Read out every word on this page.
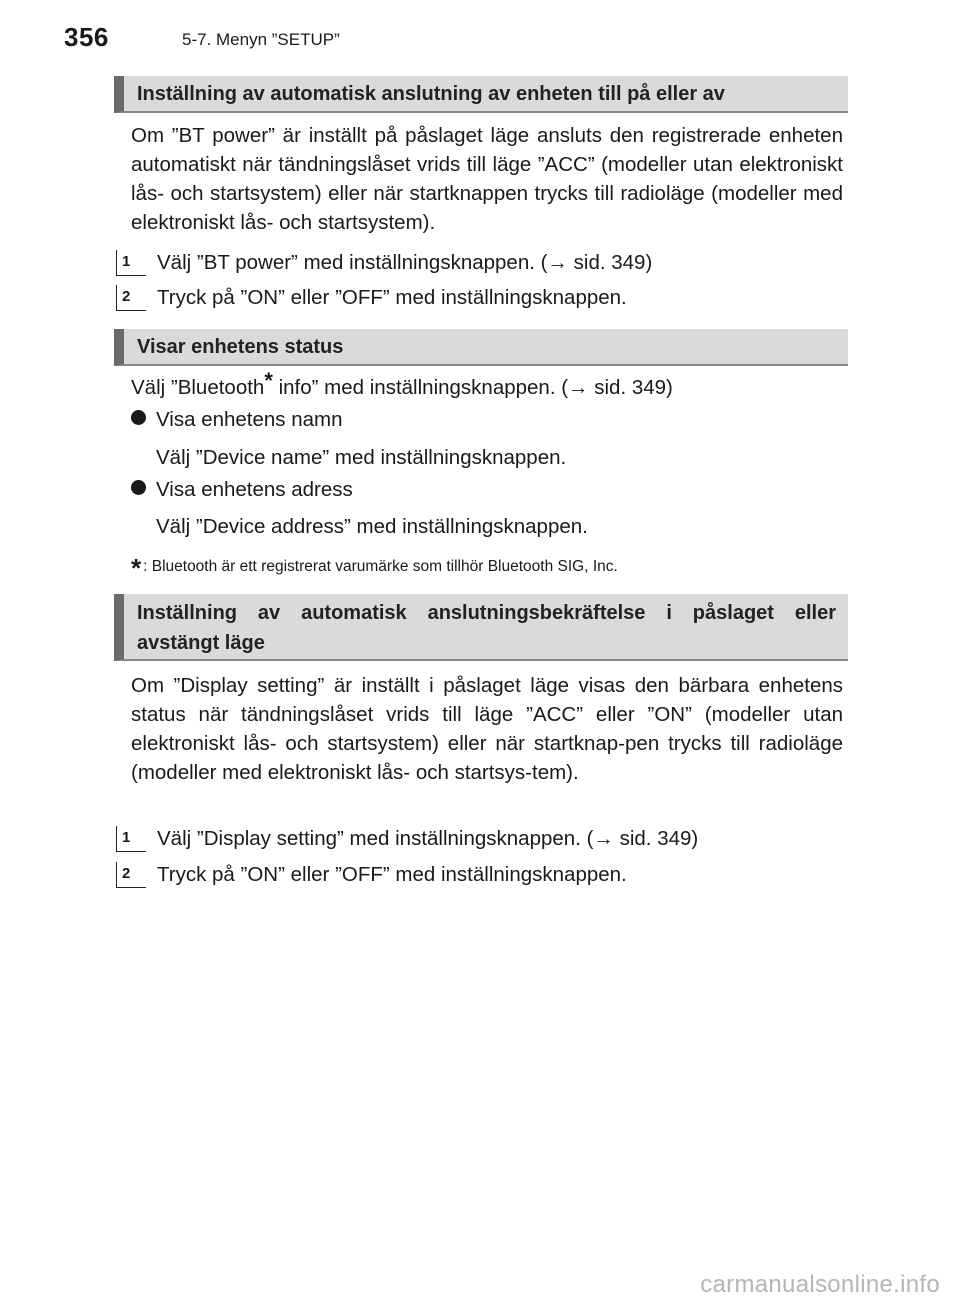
356	5-7. Menyn ”SETUP”
Inställning av automatisk anslutning av enheten till på eller av
Om ”BT power” är inställt på påslaget läge ansluts den registrerade enheten automatiskt när tändningslåset vrids till läge ”ACC” (modeller utan elektroniskt lås- och startsystem) eller när startknappen trycks till radioläge (modeller med elektroniskt lås- och startsystem).
1	Välj ”BT power” med inställningsknappen. (→ sid. 349)
2	Tryck på ”ON” eller ”OFF” med inställningsknappen.
Visar enhetens status
Välj ”Bluetooth* info” med inställningsknappen. (→ sid. 349)
Visa enhetens namn
Välj ”Device name” med inställningsknappen.
Visa enhetens adress
Välj ”Device address” med inställningsknappen.
* : Bluetooth är ett registrerat varumärke som tillhör Bluetooth SIG, Inc.
Inställning av automatisk anslutningsbekräftelse i påslaget eller
avstängt läge
Om ”Display setting” är inställt i påslaget läge visas den bärbara enhetens status när tändningslåset vrids till läge ”ACC” eller ”ON” (modeller utan elektroniskt lås- och startsystem) eller när startknap-pen trycks till radioläge (modeller med elektroniskt lås- och startsys-tem).
1	Välj ”Display setting” med inställningsknappen. (→ sid. 349)
2	Tryck på ”ON” eller ”OFF” med inställningsknappen.
carmanualsonline.info
